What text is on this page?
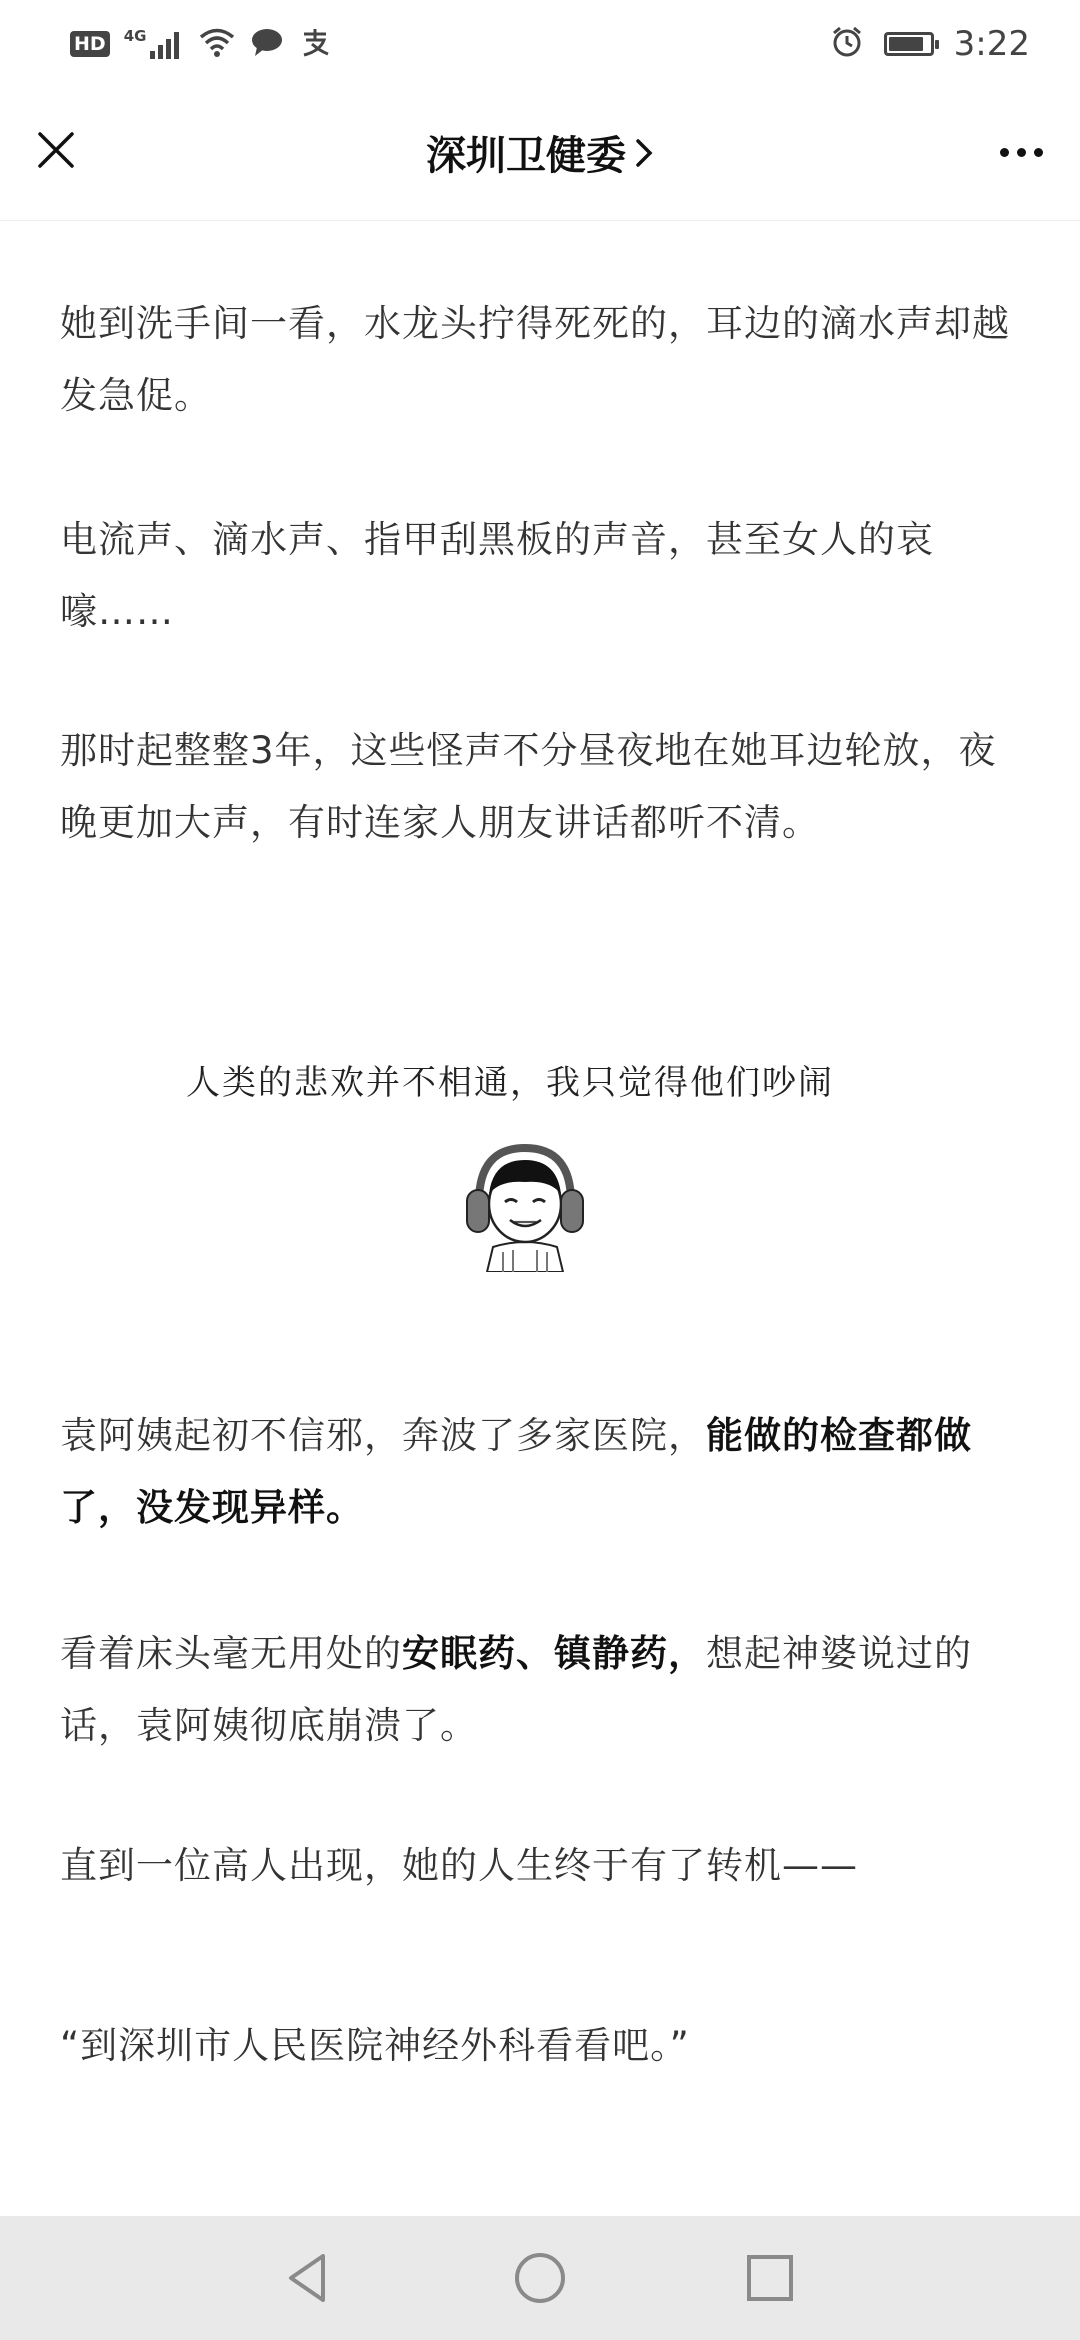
HD 4G	3:22
深圳卫健委

她到洗手间一看，水龙头拧得死死的，耳边的滴水声却越发急促。

电流声、滴水声、指甲刮黑板的声音，甚至女人的哀嚎……

那时起整整3年，这些怪声不分昼夜地在她耳边轮放，夜晚更加大声，有时连家人朋友讲话都听不清。

袁阿姨起初不信邪，奔波了多家医院，能做的检查都做了，没发现异样。

看着床头毫无用处的安眠药、镇静药，想起神婆说过的话，袁阿姨彻底崩溃了。

直到一位高人出现，她的人生终于有了转机——

“到深圳市人民医院神经外科看看吧。”

人类的悲欢并不相通，我只觉得他们吵闹
